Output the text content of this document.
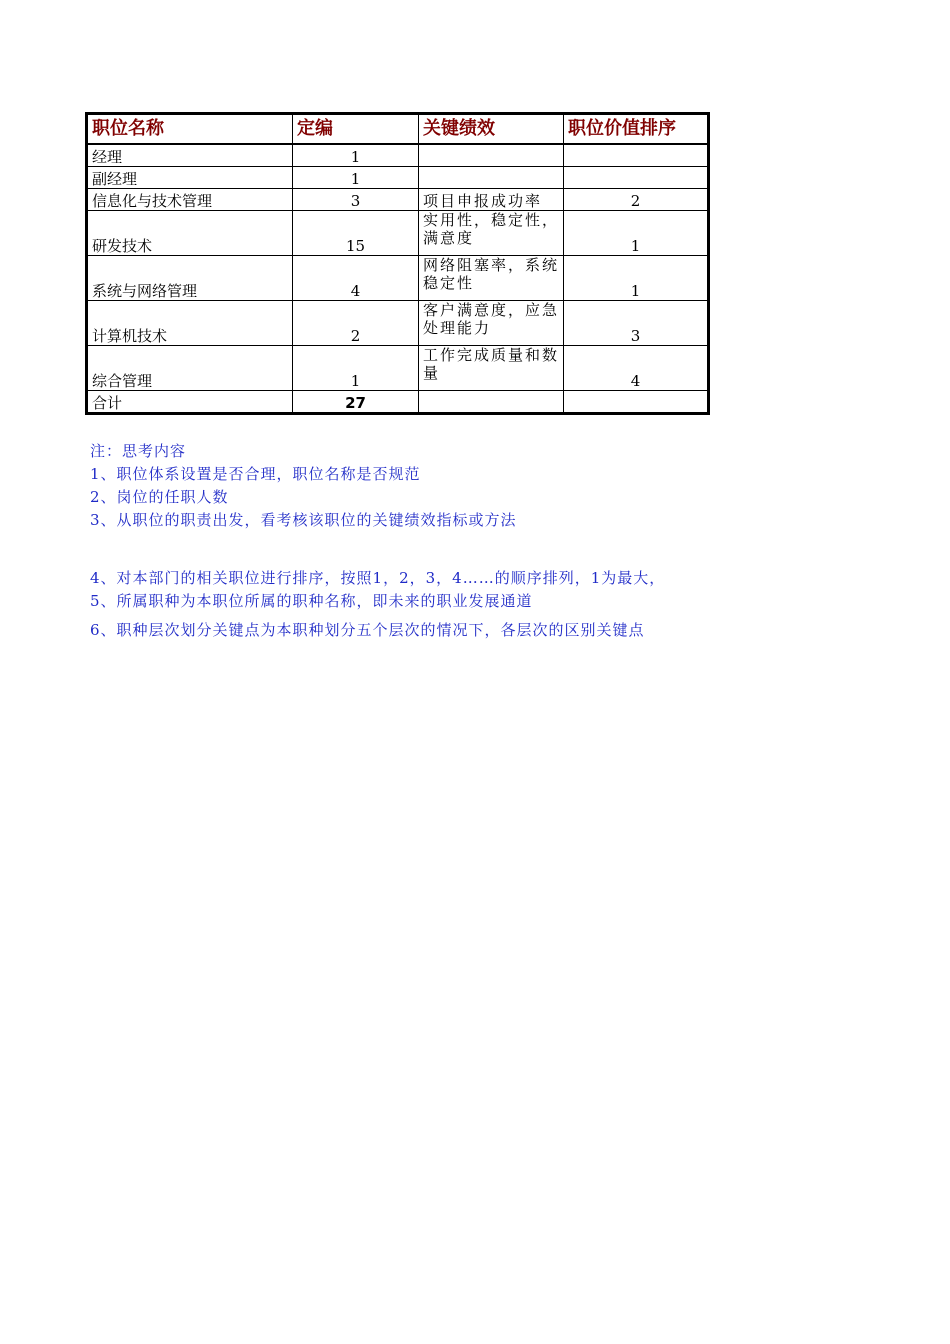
职位名称	定编	关键绩效	职位价值排序
经理	1		
副经理	1		
信息化与技术管理	3	项目申报成功率	2
研发技术	15	实用性，稳定性，满意度	1
系统与网络管理	4	网络阻塞率，系统稳定性	1
计算机技术	2	客户满意度，应急处理能力	3
综合管理	1	工作完成质量和数量	4
合计	27		
注：思考内容
1、职位体系设置是否合理，职位名称是否规范
2、岗位的任职人数
3、从职位的职责出发，看考核该职位的关键绩效指标或方法
4、对本部门的相关职位进行排序，按照1，2，3，4……的顺序排列，1为最大，
5、所属职种为本职位所属的职种名称，即未来的职业发展通道
6、职种层次划分关键点为本职种划分五个层次的情况下，各层次的区别关键点
